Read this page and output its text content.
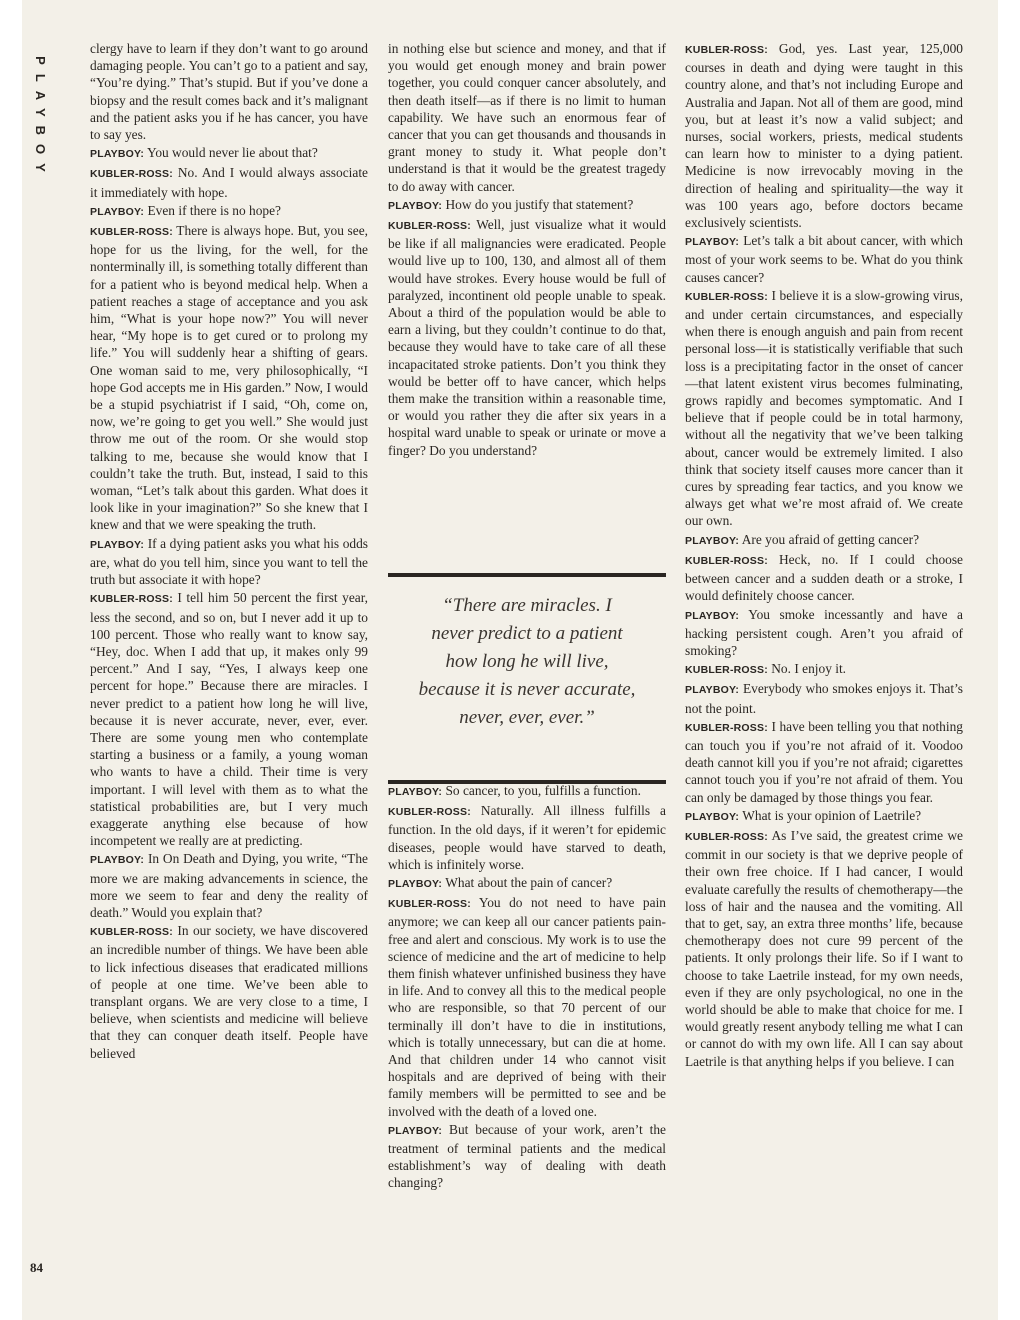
PLAYBOY

clergy have to learn if they don’t want to go around damaging people. You can’t go to a patient and say, “You’re dying.” That’s stupid. But if you’ve done a biopsy and the result comes back and it’s malignant and the patient asks you if he has cancer, you have to say yes.

PLAYBOY: You would never lie about that?

KUBLER-ROSS: No. And I would always associate it immediately with hope.

PLAYBOY: Even if there is no hope?

KUBLER-ROSS: There is always hope. But, you see, hope for us the living, for the well, for the nonterminally ill, is something totally different than for a patient who is beyond medical help. When a patient reaches a stage of acceptance and you ask him, “What is your hope now?” You will never hear, “My hope is to get cured or to prolong my life.” You will suddenly hear a shifting of gears. One woman said to me, very philosophically, “I hope God accepts me in His garden.” Now, I would be a stupid psychiatrist if I said, “Oh, come on, now, we’re going to get you well.” She would just throw me out of the room. Or she would stop talking to me, because she would know that I couldn’t take the truth. But, instead, I said to this woman, “Let’s talk about this garden. What does it look like in your imagination?” So she knew that I knew and that we were speaking the truth.

PLAYBOY: If a dying patient asks you what his odds are, what do you tell him, since you want to tell the truth but associate it with hope?

KUBLER-ROSS: I tell him 50 percent the first year, less the second, and so on, but I never add it up to 100 percent. Those who really want to know say, “Hey, doc. When I add that up, it makes only 99 percent.” And I say, “Yes, I always keep one percent for hope.” Because there are miracles. I never predict to a patient how long he will live, because it is never accurate, never, ever, ever. There are some young men who contemplate starting a business or a family, a young woman who wants to have a child. Their time is very important. I will level with them as to what the statistical probabilities are, but I very much exaggerate anything else because of how incompetent we really are at predicting.

PLAYBOY: In On Death and Dying, you write, “The more we are making advancements in science, the more we seem to fear and deny the reality of death.” Would you explain that?

KUBLER-ROSS: In our society, we have discovered an incredible number of things. We have been able to lick infectious diseases that eradicated millions of people at one time. We’ve been able to transplant organs. We are very close to a time, I believe, when scientists and medicine will believe that they can conquer death itself. People have believed

in nothing else but science and money, and that if you would get enough money and brain power together, you could conquer cancer absolutely, and then death itself—as if there is no limit to human capability. We have such an enormous fear of cancer that you can get thousands and thousands in grant money to study it. What people don’t understand is that it would be the greatest tragedy to do away with cancer.

PLAYBOY: How do you justify that statement?

KUBLER-ROSS: Well, just visualize what it would be like if all malignancies were eradicated. People would live up to 100, 130, and almost all of them would have strokes. Every house would be full of paralyzed, incontinent old people unable to speak. About a third of the population would be able to earn a living, but they couldn’t continue to do that, because they would have to take care of all these incapacitated stroke patients. Don’t you think they would be better off to have cancer, which helps them make the transition within a reasonable time, or would you rather they die after six years in a hospital ward unable to speak or urinate or move a finger? Do you understand?

“There are miracles. I
never predict to a patient
how long he will live,
because it is never accurate,
never, ever, ever.”

PLAYBOY: So cancer, to you, fulfills a function.

KUBLER-ROSS: Naturally. All illness fulfills a function. In the old days, if it weren’t for epidemic diseases, people would have starved to death, which is infinitely worse.

PLAYBOY: What about the pain of cancer?

KUBLER-ROSS: You do not need to have pain anymore; we can keep all our cancer patients pain-free and alert and conscious. My work is to use the science of medicine and the art of medicine to help them finish whatever unfinished business they have in life. And to convey all this to the medical people who are responsible, so that 70 percent of our terminally ill don’t have to die in institutions, which is totally unnecessary, but can die at home. And that children under 14 who cannot visit hospitals and are deprived of being with their family members will be permitted to see and be involved with the death of a loved one.

PLAYBOY: But because of your work, aren’t the treatment of terminal patients and the medical establishment’s way of dealing with death changing?

KUBLER-ROSS: God, yes. Last year, 125,000 courses in death and dying were taught in this country alone, and that’s not including Europe and Australia and Japan. Not all of them are good, mind you, but at least it’s now a valid subject; and nurses, social workers, priests, medical students can learn how to minister to a dying patient. Medicine is now irrevocably moving in the direction of healing and spirituality—the way it was 100 years ago, before doctors became exclusively scientists.

PLAYBOY: Let’s talk a bit about cancer, with which most of your work seems to be. What do you think causes cancer?

KUBLER-ROSS: I believe it is a slow-growing virus, and under certain circumstances, and especially when there is enough anguish and pain from recent personal loss—it is statistically verifiable that such loss is a precipitating factor in the onset of cancer—that latent existent virus becomes fulminating, grows rapidly and becomes symptomatic. And I believe that if people could be in total harmony, without all the negativity that we’ve been talking about, cancer would be extremely limited. I also think that society itself causes more cancer than it cures by spreading fear tactics, and you know we always get what we’re most afraid of. We create our own.

PLAYBOY: Are you afraid of getting cancer?

KUBLER-ROSS: Heck, no. If I could choose between cancer and a sudden death or a stroke, I would definitely choose cancer.

PLAYBOY: You smoke incessantly and have a hacking persistent cough. Aren’t you afraid of smoking?

KUBLER-ROSS: No. I enjoy it.

PLAYBOY: Everybody who smokes enjoys it. That’s not the point.

KUBLER-ROSS: I have been telling you that nothing can touch you if you’re not afraid of it. Voodoo death cannot kill you if you’re not afraid; cigarettes cannot touch you if you’re not afraid of them. You can only be damaged by those things you fear.

PLAYBOY: What is your opinion of Laetrile?

KUBLER-ROSS: As I’ve said, the greatest crime we commit in our society is that we deprive people of their own free choice. If I had cancer, I would evaluate carefully the results of chemotherapy—the loss of hair and the nausea and the vomiting. All that to get, say, an extra three months’ life, because chemotherapy does not cure 99 percent of the patients. It only prolongs their life. So if I want to choose to take Laetrile instead, for my own needs, even if they are only psychological, no one in the world should be able to make that choice for me. I would greatly resent anybody telling me what I can or cannot do with my own life. All I can say about Laetrile is that anything helps if you believe. I can

84
